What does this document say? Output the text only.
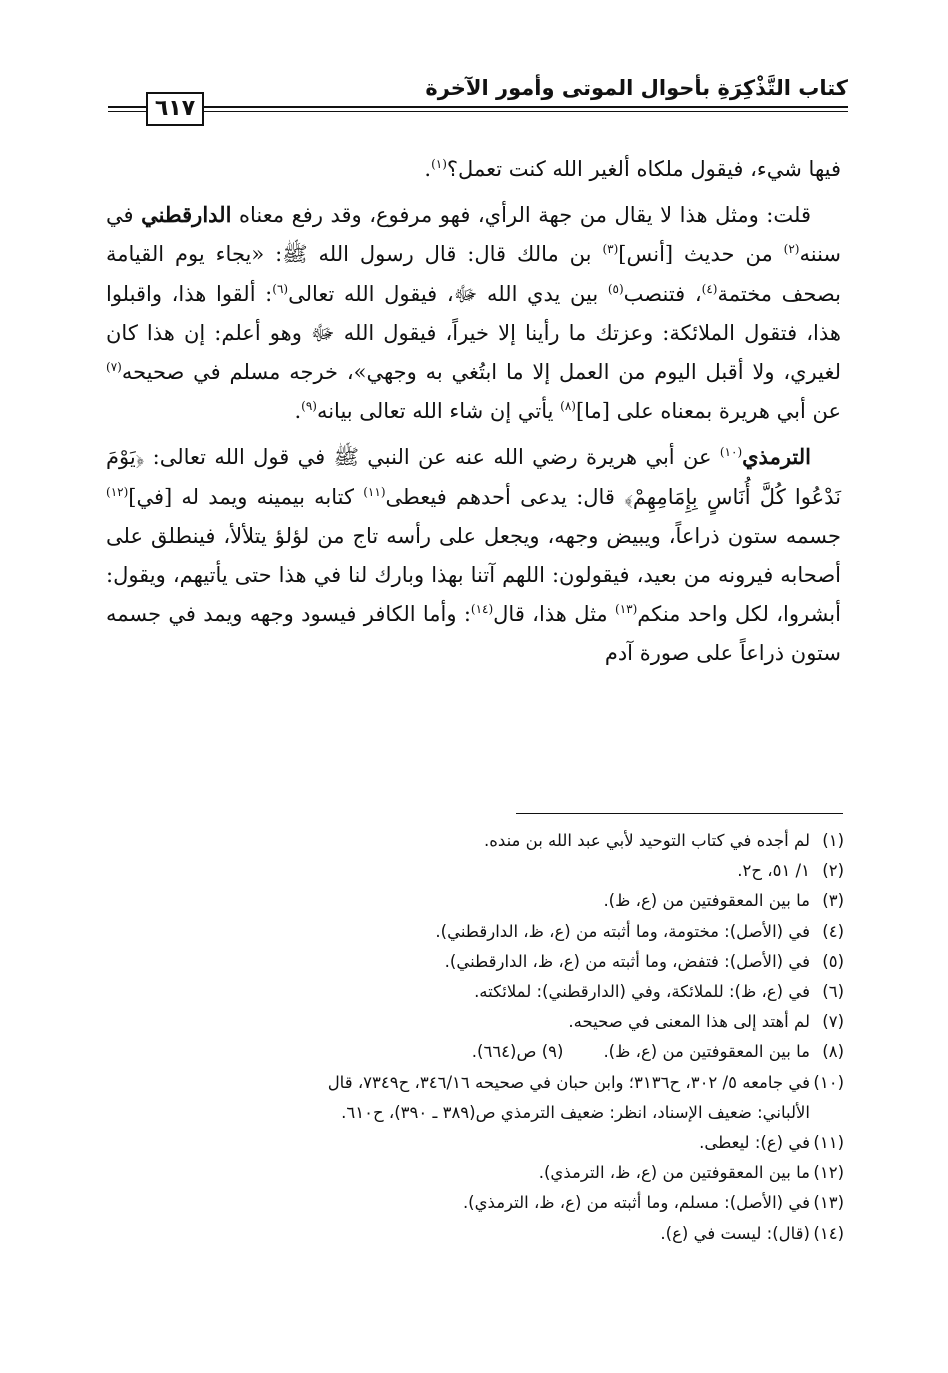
كتاب التَّذْكِرَةِ بأحوال الموتى وأمور الآخرة
٦١٧

فيها شيء، فيقول ملكاه ألغير الله كنت تعمل؟$^{(١)}$.

قلت: ومثل هذا لا يقال من جهة الرأي، فهو مرفوع، وقد رفع معناه الدارقطني في سننه$^{(٢)}$ من حديث [أنس]$^{(٣)}$ بن مالك قال: قال رسول الله ﷺ: «يجاء يوم القيامة بصحف مختمة$^{(٤)}$، فتنصب$^{(٥)}$ بين يدي الله ﷻ، فيقول الله تعالى$^{(٦)}$: ألقوا هذا، واقبلوا هذا، فتقول الملائكة: وعزتك ما رأينا إلا خيراً، فيقول الله ﷻ وهو أعلم: إن هذا كان لغيري، ولا أقبل اليوم من العمل إلا ما ابتُغي به وجهي»، خرجه مسلم في صحيحه$^{(٧)}$ عن أبي هريرة بمعناه على [ما]$^{(٨)}$ يأتي إن شاء الله تعالى بيانه$^{(٩)}$.

الترمذي$^{(١٠)}$ عن أبي هريرة رضي الله عنه عن النبي ﷺ في قول الله تعالى: ﴿يَوْمَ نَدْعُوا كُلَّ أُنَاسٍ بِإِمَامِهِمْ﴾ قال: يدعى أحدهم فيعطى$^{(١١)}$ كتابه بيمينه ويمد له [في]$^{(١٢)}$ جسمه ستون ذراعاً، ويبيض وجهه، ويجعل على رأسه تاج من لؤلؤ يتلألأ، فينطلق على أصحابه فيرونه من بعيد، فيقولون: اللهم آتنا بهذا وبارك لنا في هذا حتى يأتيهم، ويقول: أبشروا، لكل واحد منكم$^{(١٣)}$ مثل هذا، قال$^{(١٤)}$: وأما الكافر فيسود وجهه ويمد في جسمه ستون ذراعاً على صورة آدم

(١)لم أجده في كتاب التوحيد لأبي عبد الله بن منده.
(٢)١/ ٥١، ح٢.
(٣)ما بين المعقوفتين من (ع، ظ).
(٤)في (الأصل): مختومة، وما أثبته من (ع، ظ، الدارقطني).
(٥)في (الأصل): فتفض، وما أثبته من (ع، ظ، الدارقطني).
(٦)في (ع، ظ): للملائكة، وفي (الدارقطني): لملائكته.
(٧)لم أهتد إلى هذا المعنى في صحيحه.
(٨)ما بين المعقوفتين من (ع، ظ).(٩) ص(٦٦٤).
(١٠)في جامعه ٥/ ٣٠٢، ح٣١٣٦؛ وابن حبان في صحيحه ٣٤٦/١٦، ح٧٣٤٩، قال
الألباني: ضعيف الإسناد، انظر: ضعيف الترمذي ص(٣٨٩ ـ ٣٩٠)، ح٦١٠.
(١١)في (ع): ليعطى.
(١٢)ما بين المعقوفتين من (ع، ظ، الترمذي).
(١٣)في (الأصل): مسلم، وما أثبته من (ع، ظ، الترمذي).
(١٤)(قال): ليست في (ع).
